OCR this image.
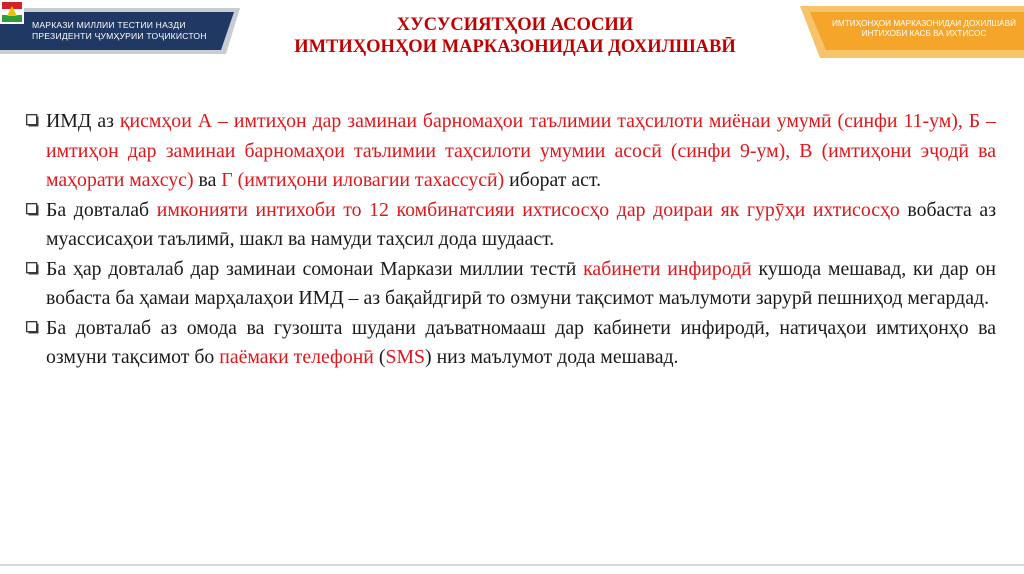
МАРКАЗИ МИЛЛИИ ТЕСТИИ НАЗДИ
ПРЕЗИДЕНТИ ҶУМҲУРИИ ТОҶИКИСТОН
ХУСУСИЯТҲОИ АСОСИИ
ИМТИҲОНҲОИ МАРКАЗОНИДАИ ДОХИЛШАВӢ
ИМТИҲОНҲОИ МАРКАЗОНИДАИ ДОХИЛШАВӢ
ИНТИХОБИ КАСБ ВА ИХТИСОС
ИМД аз қисмҳои А – имтиҳон дар заминаи барномаҳои таълимии таҳсилоти миёнаи умумӣ (синфи 11-ум), Б – имтиҳон дар заминаи барномаҳои таълимии таҳсилоти умумии асосӣ (синфи 9-ум), В (имтиҳони эҷодӣ ва маҳорати махсус) ва Г (имтиҳони иловагии тахассусӣ) иборат аст.
Ба довталаб имконияти интихоби то 12 комбинатсияи ихтисосҳо дар доираи як гурӯҳи ихтисосҳо вобаста аз муассисаҳои таълимӣ, шакл ва намуди таҳсил дода шудааст.
Ба ҳар довталаб дар заминаи сомонаи Маркази миллии тестӣ кабинети инфиродӣ кушода мешавад, ки дар он вобаста ба ҳамаи марҳалаҳои ИМД – аз бақайдгирӣ то озмуни тақсимот маълумоти зарурӣ пешниҳод мегардад.
Ба довталаб аз омода ва гузошта шудани даъватномааш дар кабинети инфиродӣ, натиҷаҳои имтиҳонҳо ва озмуни тақсимот бо паёмаки телефонӣ (SMS) низ маълумот дода мешавад.
